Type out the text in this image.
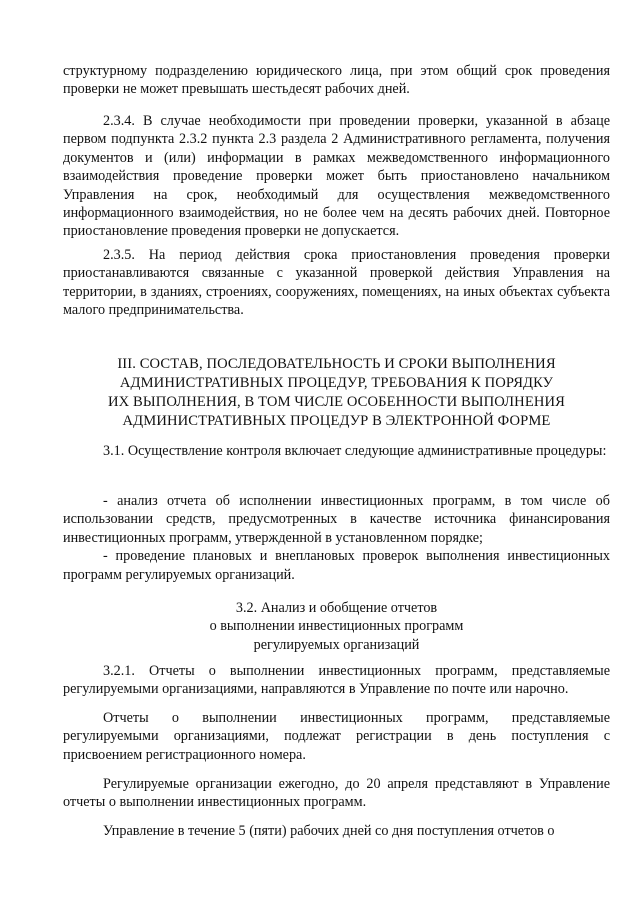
структурному подразделению юридического лица, при этом общий срок проведения проверки не может превышать шестьдесят рабочих дней.

2.3.4. В случае необходимости при проведении проверки, указанной в абзаце первом подпункта 2.3.2 пункта 2.3 раздела 2 Административного регламента, получения документов и (или) информации в рамках межведомственного информационного взаимодействия проведение проверки может быть приостановлено начальником Управления на срок, необходимый для осуществления межведомственного информационного взаимодействия, но не более чем на десять рабочих дней. Повторное приостановление проведения проверки не допускается.

2.3.5. На период действия срока приостановления проведения проверки приостанавливаются связанные с указанной проверкой действия Управления на территории, в зданиях, строениях, сооружениях, помещениях, на иных объектах субъекта малого предпринимательства.

III. СОСТАВ, ПОСЛЕДОВАТЕЛЬНОСТЬ И СРОКИ ВЫПОЛНЕНИЯ
АДМИНИСТРАТИВНЫХ ПРОЦЕДУР, ТРЕБОВАНИЯ К ПОРЯДКУ
ИХ ВЫПОЛНЕНИЯ, В ТОМ ЧИСЛЕ ОСОБЕННОСТИ ВЫПОЛНЕНИЯ
АДМИНИСТРАТИВНЫХ ПРОЦЕДУР В ЭЛЕКТРОННОЙ ФОРМЕ

3.1. Осуществление контроля включает следующие административные процедуры:

- анализ отчета об исполнении инвестиционных программ, в том числе об использовании средств, предусмотренных в качестве источника финансирования инвестиционных программ, утвержденной в установленном порядке;

- проведение плановых и внеплановых проверок выполнения инвестиционных программ регулируемых организаций.

3.2. Анализ и обобщение отчетов
о выполнении инвестиционных программ
регулируемых организаций

3.2.1. Отчеты о выполнении инвестиционных программ, представляемые регулируемыми организациями, направляются в Управление по почте или нарочно.

Отчеты о выполнении инвестиционных программ, представляемые регулируемыми организациями, подлежат регистрации в день поступления с присвоением регистрационного номера.

Регулируемые организации ежегодно, до 20 апреля представляют в Управление отчеты о выполнении инвестиционных программ.

Управление в течение 5 (пяти) рабочих дней со дня поступления отчетов о
